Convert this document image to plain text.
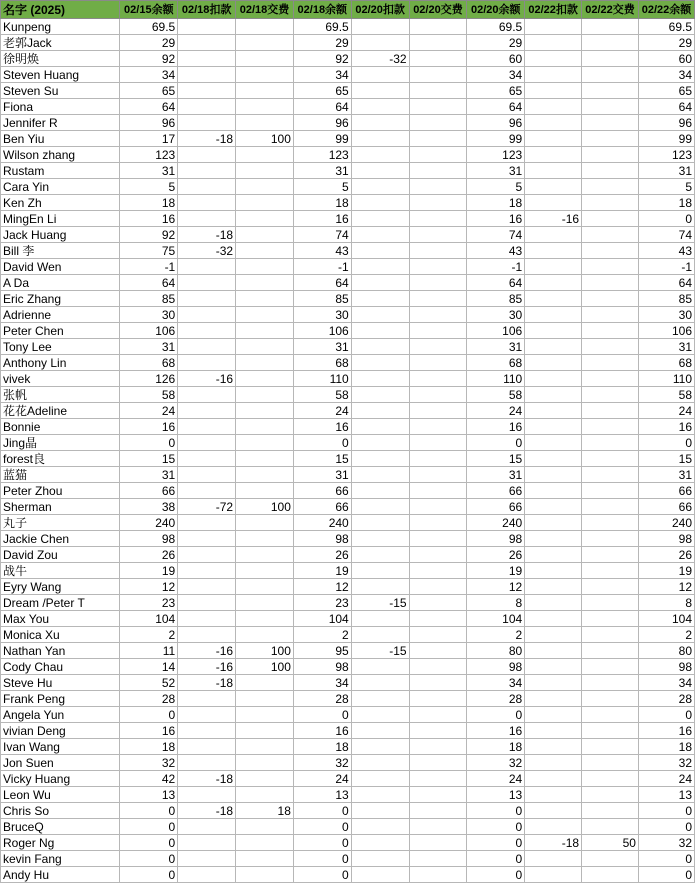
名字 (2025)	02/15余额	02/18扣款	02/18交费	02/18余额	02/20扣款	02/20交费	02/20余额	02/22扣款	02/22交费	02/22余额
Kunpeng	69.5			69.5			69.5			69.5
老郭Jack	29			29			29			29
徐明焕	92			92	-32		60			60
Steven Huang	34			34			34			34
Steven Su	65			65			65			65
Fiona	64			64			64			64
Jennifer R	96			96			96			96
Ben Yiu	17	-18	100	99			99			99
Wilson zhang	123			123			123			123
Rustam	31			31			31			31
Cara Yin	5			5			5			5
Ken Zh	18			18			18			18
MingEn Li	16			16			16	-16		0
Jack Huang	92	-18		74			74			74
Bill 李	75	-32		43			43			43
David Wen	-1			-1			-1			-1
A Da	64			64			64			64
Eric Zhang	85			85			85			85
Adrienne	30			30			30			30
Peter Chen	106			106			106			106
Tony Lee	31			31			31			31
Anthony Lin	68			68			68			68
vivek	126	-16		110			110			110
张帆	58			58			58			58
花花Adeline	24			24			24			24
Bonnie	16			16			16			16
Jing晶	0			0			0			0
forest良	15			15			15			15
蓝猫	31			31			31			31
Peter Zhou	66			66			66			66
Sherman	38	-72	100	66			66			66
丸子	240			240			240			240
Jackie Chen	98			98			98			98
David Zou	26			26			26			26
战牛	19			19			19			19
Eyry Wang	12			12			12			12
Dream /Peter T	23			23	-15		8			8
Max You	104			104			104			104
Monica Xu	2			2			2			2
Nathan Yan	11	-16	100	95	-15		80			80
Cody Chau	14	-16	100	98			98			98
Steve Hu	52	-18		34			34			34
Frank Peng	28			28			28			28
Angela Yun	0			0			0			0
vivian Deng	16			16			16			16
Ivan Wang	18			18			18			18
Jon Suen	32			32			32			32
Vicky Huang	42	-18		24			24			24
Leon Wu	13			13			13			13
Chris So	0	-18	18	0			0			0
BruceQ	0			0			0			0
Roger Ng	0			0			0	-18	50	32
kevin Fang	0			0			0			0
Andy Hu	0			0			0			0
